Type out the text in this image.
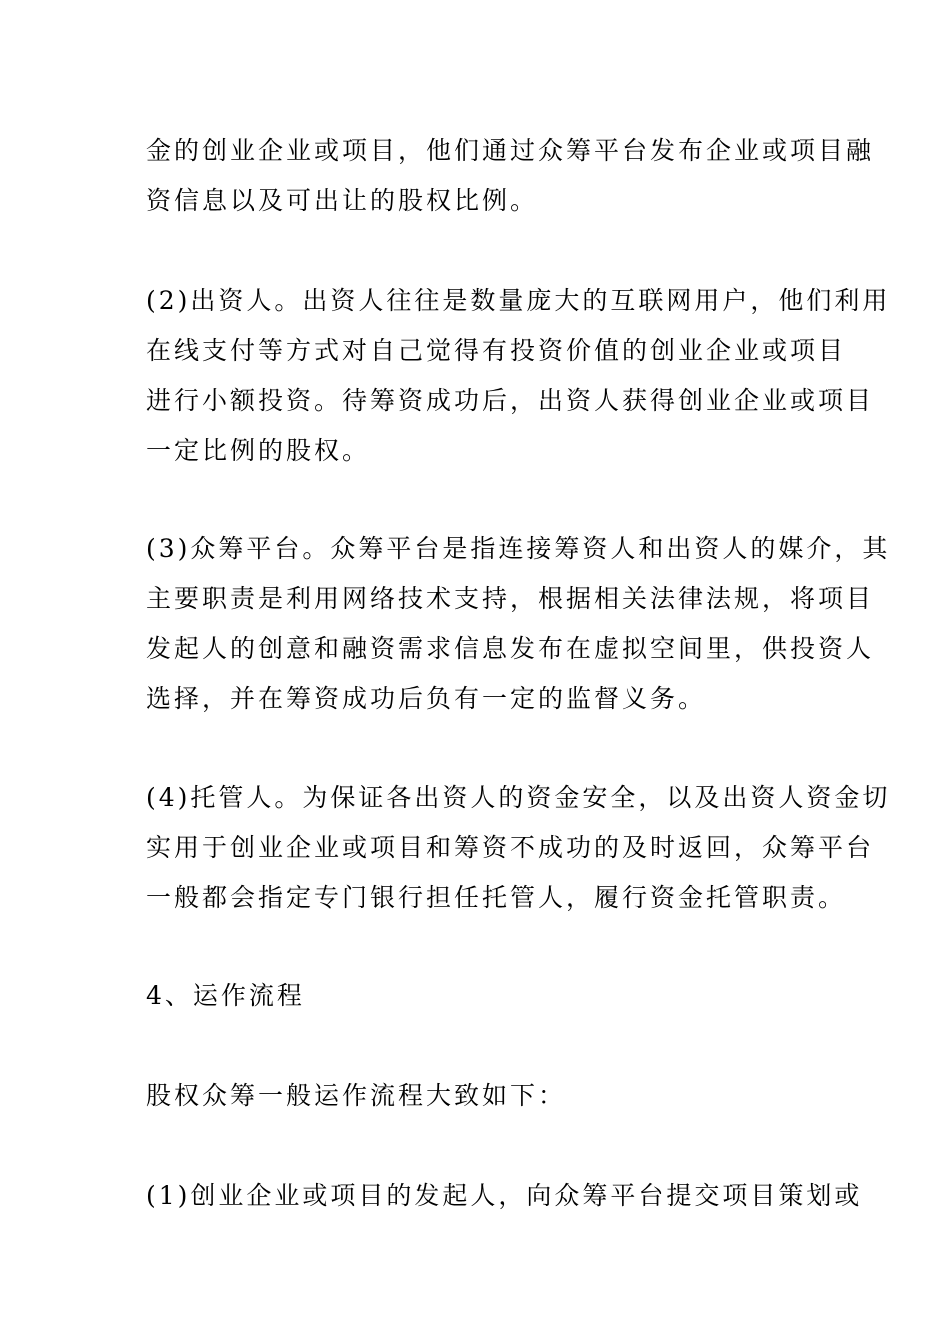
金的创业企业或项目，他们通过众筹平台发布企业或项目融
资信息以及可出让的股权比例。

(2)出资人。出资人往往是数量庞大的互联网用户，他们利用
在线支付等方式对自己觉得有投资价值的创业企业或项目
进行小额投资。待筹资成功后，出资人获得创业企业或项目
一定比例的股权。

(3)众筹平台。众筹平台是指连接筹资人和出资人的媒介，其
主要职责是利用网络技术支持，根据相关法律法规，将项目
发起人的创意和融资需求信息发布在虚拟空间里，供投资人
选择，并在筹资成功后负有一定的监督义务。

(4)托管人。为保证各出资人的资金安全，以及出资人资金切
实用于创业企业或项目和筹资不成功的及时返回，众筹平台
一般都会指定专门银行担任托管人，履行资金托管职责。

4、运作流程

股权众筹一般运作流程大致如下：

(1)创业企业或项目的发起人，向众筹平台提交项目策划或
